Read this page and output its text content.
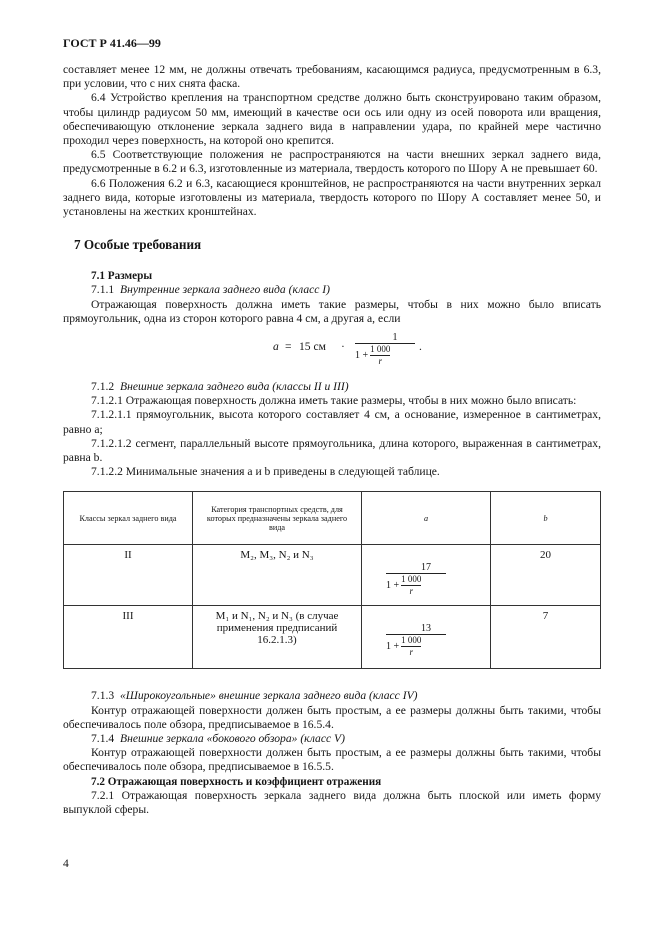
ГОСТ Р 41.46—99

составляет менее 12 мм, не должны отвечать требованиям, касающимся радиуса, предусмотренным в 6.3, при условии, что с них снята фаска.

6.4 Устройство крепления на транспортном средстве должно быть сконструировано таким образом, чтобы цилиндр радиусом 50 мм, имеющий в качестве оси ось или одну из осей поворота или вращения, обеспечивающую отклонение зеркала заднего вида в направлении удара, по крайней мере частично проходил через поверхность, на которой оно крепится.

6.5 Соответствующие положения не распространяются на части внешних зеркал заднего вида, предусмотренные в 6.2 и 6.3, изготовленные из материала, твердость которого по Шору А не превышает 60.

6.6 Положения 6.2 и 6.3, касающиеся кронштейнов, не распространяются на части внутренних зеркал заднего вида, которые изготовлены из материала, твердость которого по Шору А составляет менее 50, и установлены на жестких кронштейнах.

7 Особые требования

7.1 Размеры

7.1.1 Внутренние зеркала заднего вида (класс I)

Отражающая поверхность должна иметь такие размеры, чтобы в них можно было вписать прямоугольник, одна из сторон которого равна 4 см, а другая a, если

a = 15 см · $\frac{1}{1 + \frac{1 000}{r}}$ .

7.1.2 Внешние зеркала заднего вида (классы II и III)

7.1.2.1 Отражающая поверхность должна иметь такие размеры, чтобы в них можно было вписать:

7.1.2.1.1 прямоугольник, высота которого составляет 4 см, а основание, измеренное в сантиметрах, равно a;

7.1.2.1.2 сегмент, параллельный высоте прямоугольника, длина которого, выраженная в сантиметрах, равна b.

7.1.2.2 Минимальные значения a и b приведены в следующей таблице.

Классы зеркал заднего вида	Категория транспортных средств, для которых предназначены зеркала заднего вида	a	b
II	M₂, M₃, N₂ и N₃	$\frac{17}{1 + \frac{1 000}{r}}$	20
III	M₁ и N₁, N₂ и N₃ (в случае применения предписаний 16.2.1.3)	$\frac{13}{1 + \frac{1 000}{r}}$	7

7.1.3 «Широкоугольные» внешние зеркала заднего вида (класс IV)

Контур отражающей поверхности должен быть простым, а ее размеры должны быть такими, чтобы обеспечивалось поле обзора, предписываемое в 16.5.4.

7.1.4 Внешние зеркала «бокового обзора» (класс V)

Контур отражающей поверхности должен быть простым, а ее размеры должны быть такими, чтобы обеспечивалось поле обзора, предписываемое в 16.5.5.

7.2 Отражающая поверхность и коэффициент отражения

7.2.1 Отражающая поверхность зеркала заднего вида должна быть плоской или иметь форму выпуклой сферы.

4
